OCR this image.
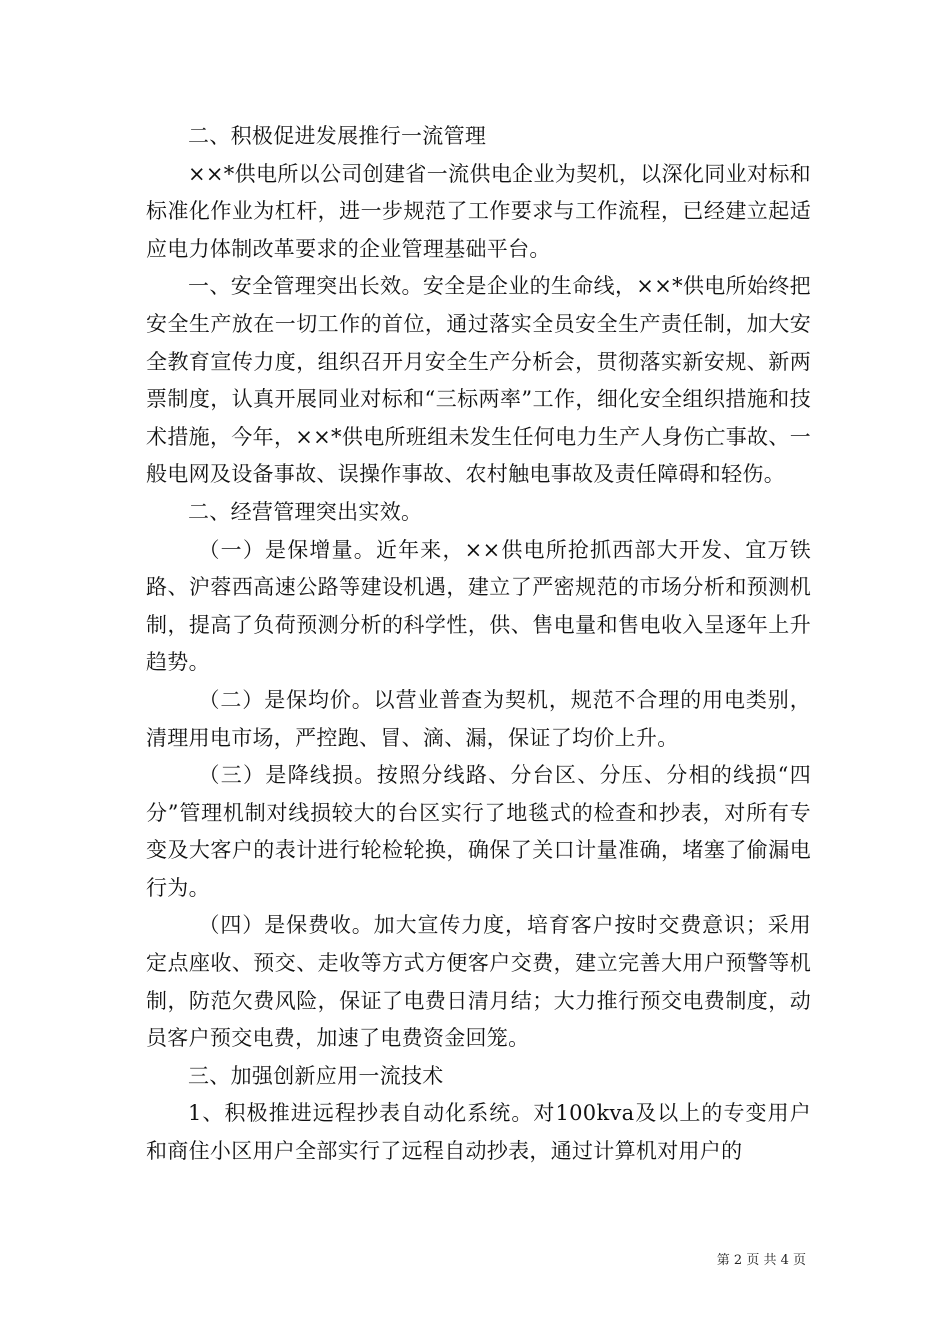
二、积极促进发展推行一流管理

××*供电所以公司创建省一流供电企业为契机，以深化同业对标和标准化作业为杠杆，进一步规范了工作要求与工作流程，已经建立起适应电力体制改革要求的企业管理基础平台。

一、安全管理突出长效。安全是企业的生命线，××*供电所始终把安全生产放在一切工作的首位，通过落实全员安全生产责任制，加大安全教育宣传力度，组织召开月安全生产分析会，贯彻落实新安规、新两票制度，认真开展同业对标和“三标两率”工作，细化安全组织措施和技术措施，今年，××*供电所班组未发生任何电力生产人身伤亡事故、一般电网及设备事故、误操作事故、农村触电事故及责任障碍和轻伤。

二、经营管理突出实效。

（一）是保增量。近年来，××供电所抢抓西部大开发、宜万铁路、沪蓉西高速公路等建设机遇，建立了严密规范的市场分析和预测机制，提高了负荷预测分析的科学性，供、售电量和售电收入呈逐年上升趋势。

（二）是保均价。以营业普查为契机，规范不合理的用电类别，清理用电市场，严控跑、冒、滴、漏，保证了均价上升。

（三）是降线损。按照分线路、分台区、分压、分相的线损“四分”管理机制对线损较大的台区实行了地毯式的检查和抄表，对所有专变及大客户的表计进行轮检轮换，确保了关口计量准确，堵塞了偷漏电行为。

（四）是保费收。加大宣传力度，培育客户按时交费意识；采用定点座收、预交、走收等方式方便客户交费，建立完善大用户预警等机制，防范欠费风险，保证了电费日清月结；大力推行预交电费制度，动员客户预交电费，加速了电费资金回笼。

三、加强创新应用一流技术

1、积极推进远程抄表自动化系统。对100kva及以上的专变用户和商住小区用户全部实行了远程自动抄表，通过计算机对用户的

第 2 页 共 4 页
